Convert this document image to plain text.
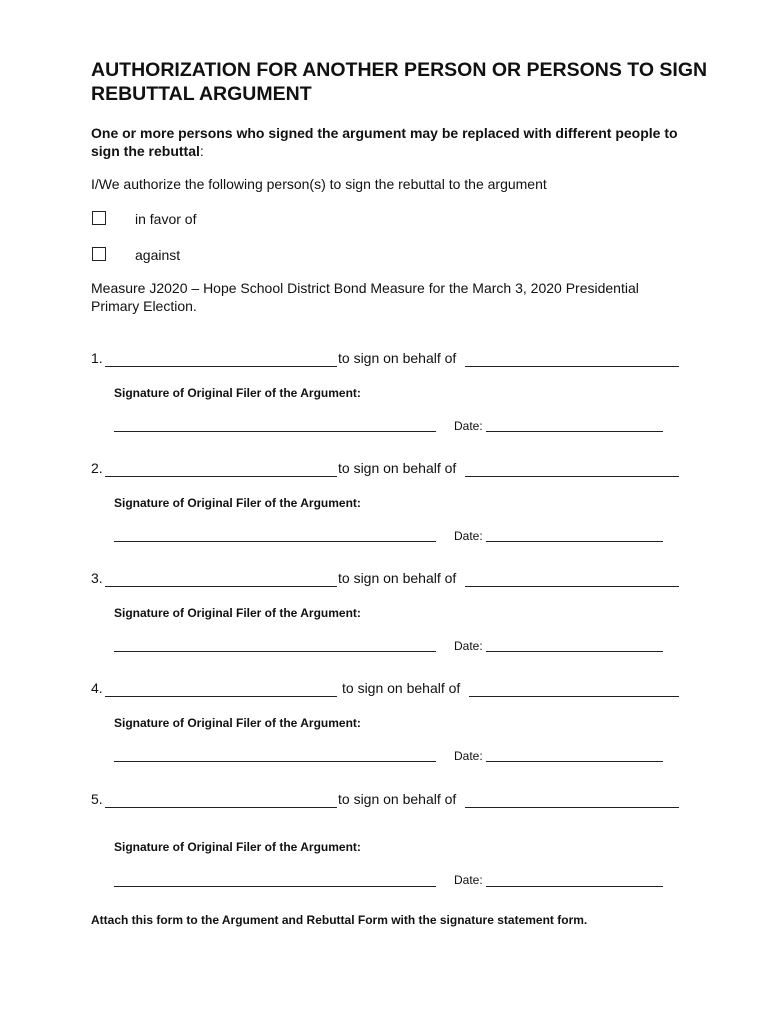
AUTHORIZATION FOR ANOTHER PERSON OR PERSONS TO SIGN REBUTTAL ARGUMENT
One or more persons who signed the argument may be replaced with different people to sign the rebuttal:
I/We authorize the following person(s) to sign the rebuttal to the argument
in favor of
against
Measure J2020 – Hope School District Bond Measure for the March 3, 2020 Presidential Primary Election.
1.	to sign on behalf of
Signature of Original Filer of the Argument:
Date:
2.	to sign on behalf of
Signature of Original Filer of the Argument:
Date:
3.	to sign on behalf of
Signature of Original Filer of the Argument:
Date:
4.	to sign on behalf of
Signature of Original Filer of the Argument:
Date:
5.	to sign on behalf of
Signature of Original Filer of the Argument:
Date:
Attach this form to the Argument and Rebuttal Form with the signature statement form.
